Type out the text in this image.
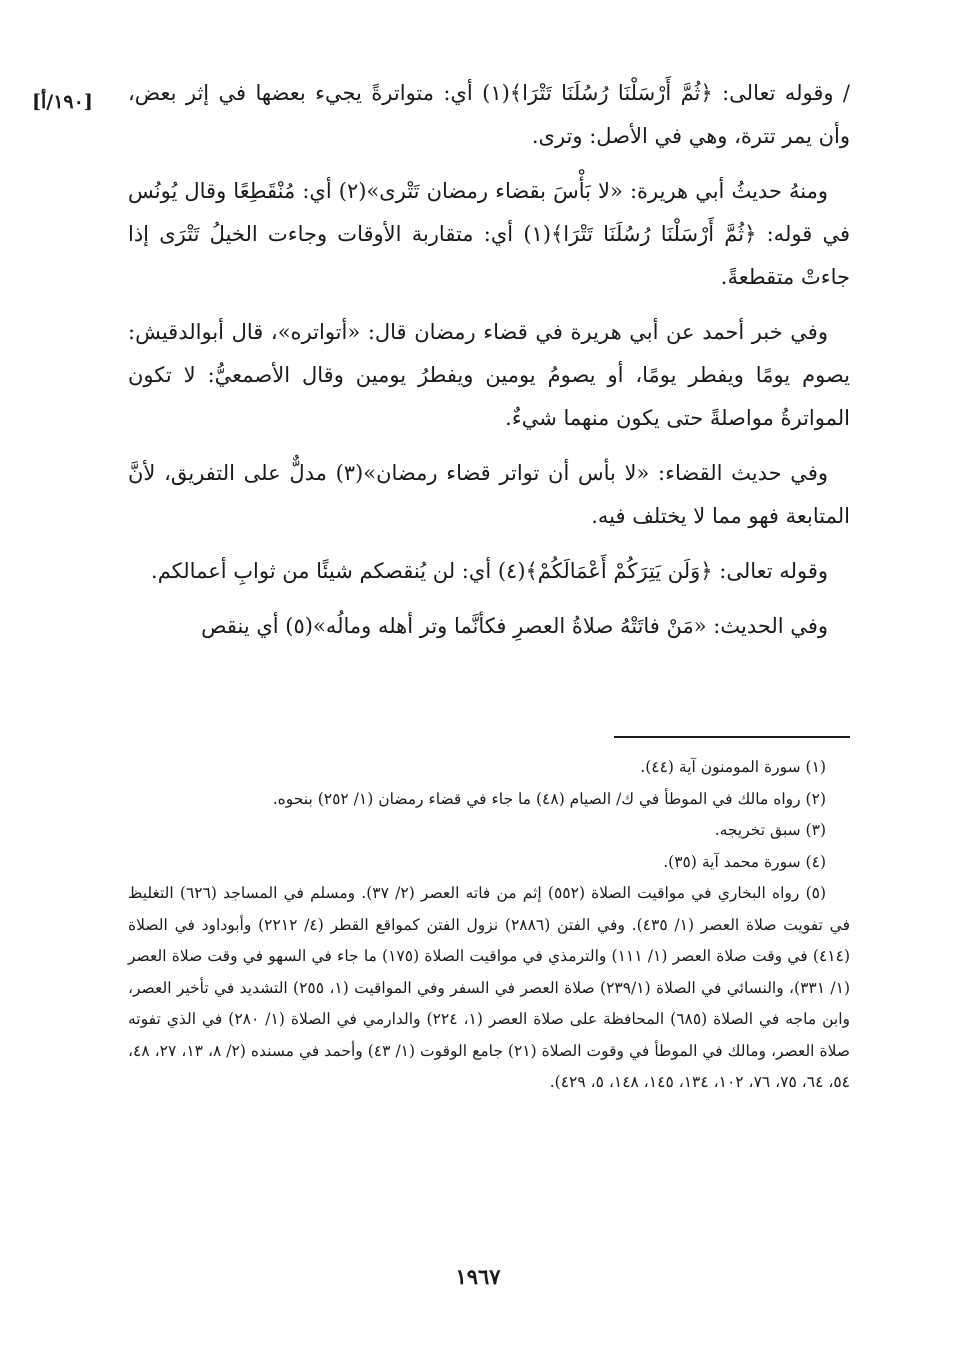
[١٩٠/أ] / وقوله تعالى: ﴿ثُمَّ أَرْسَلْنَا رُسُلَنَا تَتْرَا﴾(١) أي: متواترةً يجيء بعضها في إثر بعض، وأن يمر تترة، وهي في الأصل: وترى.

ومنهُ حديثُ أبي هريرة: «لا بَأْسَ بقضاء رمضان تَتْرى»(٢) أي: مُنْقَطِعًا وقال يُونُس في قوله: ﴿ثُمَّ أَرْسَلْنَا رُسُلَنَا تَتْرَا﴾(١) أي: متقاربة الأوقات وجاءت الخيلُ تَتْرَى إذا جاءتْ متقطعةً.

وفي خبر أحمد عن أبي هريرة في قضاء رمضان قال: «أتواتره»، قال أبوالدقيش: يصوم يومًا ويفطر يومًا، أو يصومُ يومين ويفطرُ يومين وقال الأصمعيُّ: لا تكون المواترةُ مواصلةً حتى يكون منهما شيءٌ.

وفي حديث القضاء: «لا بأس أن تواتر قضاء رمضان»(٣) مدلٌّ على التفريق، لأنَّ المتابعة فهو مما لا يختلف فيه.

وقوله تعالى: ﴿وَلَن يَتِرَكُمْ أَعْمَالَكُمْ﴾(٤) أي: لن يُنقصكم شيئًا من ثوابِ أعمالكم.

وفي الحديث: «مَنْ فاتَتْهُ صلاةُ العصرِ فكأنَّما وتر أهله ومالُه»(٥) أي ينقص

(١) سورة المومنون آية (٤٤).

(٢) رواه مالك في الموطأ في ك/ الصيام (٤٨) ما جاء في قضاء رمضان (١/ ٢٥٢) بنحوه.

(٣) سبق تخريجه.

(٤) سورة محمد آية (٣٥).

(٥) رواه البخاري في مواقيت الصلاة (٥٥٢) إثم من فاته العصر (٢/ ٣٧). ومسلم في المساجد (٦٢٦) التغليظ في تفويت صلاة العصر (١/ ٤٣٥). وفي الفتن (٢٨٨٦) نزول الفتن كمواقع القطر (٤/ ٢٢١٢) وأبوداود في الصلاة (٤١٤) في وقت صلاة العصر (١/ ١١١) والترمذي في مواقيت الصلاة (١٧٥) ما جاء في السهو في وقت صلاة العصر (١/ ٣٣١)، والنسائي في الصلاة (٢٣٩/١) صلاة العصر في السفر وفي المواقيت (١، ٢٥٥) التشديد في تأخير العصر، وابن ماجه في الصلاة (٦٨٥) المحافظة على صلاة العصر (١، ٢٢٤) والدارمي في الصلاة (١/ ٢٨٠) في الذي تفوته صلاة العصر، ومالك في الموطأ في وقوت الصلاة (٢١) جامع الوقوت (١/ ٤٣) وأحمد في مسنده (٢/ ٨، ١٣، ٢٧، ٤٨، ٥٤، ٦٤، ٧٥، ٧٦، ١٠٢، ١٣٤، ١٤٥، ١٤٨، ٥، ٤٢٩).

١٩٦٧
